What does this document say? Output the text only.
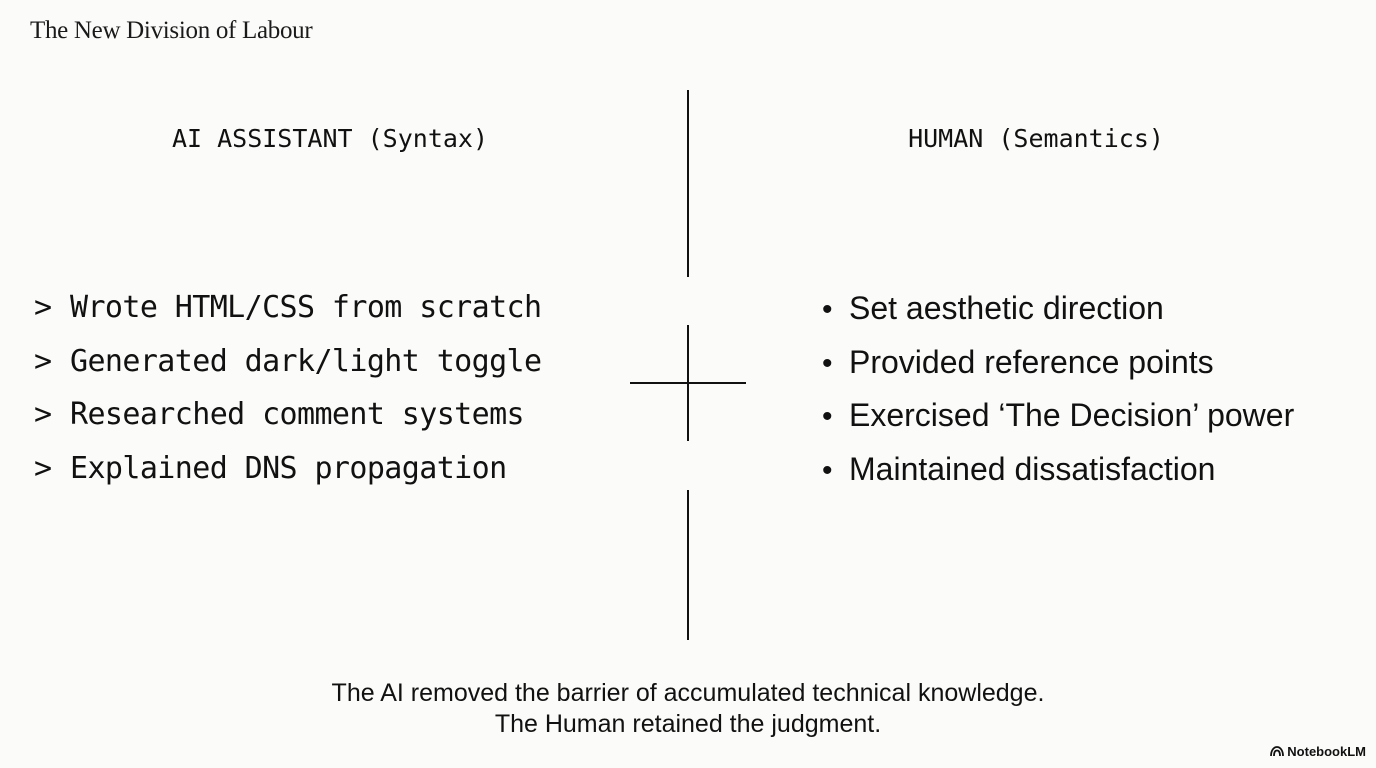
The New Division of Labour
AI ASSISTANT (Syntax)	HUMAN (Semantics)
> Wrote HTML/CSS from scratch
> Generated dark/light toggle
> Researched comment systems
> Explained DNS propagation
• Set aesthetic direction
• Provided reference points
• Exercised ‘The Decision’ power
• Maintained dissatisfaction
The AI removed the barrier of accumulated technical knowledge.
The Human retained the judgment.
NotebookLM
